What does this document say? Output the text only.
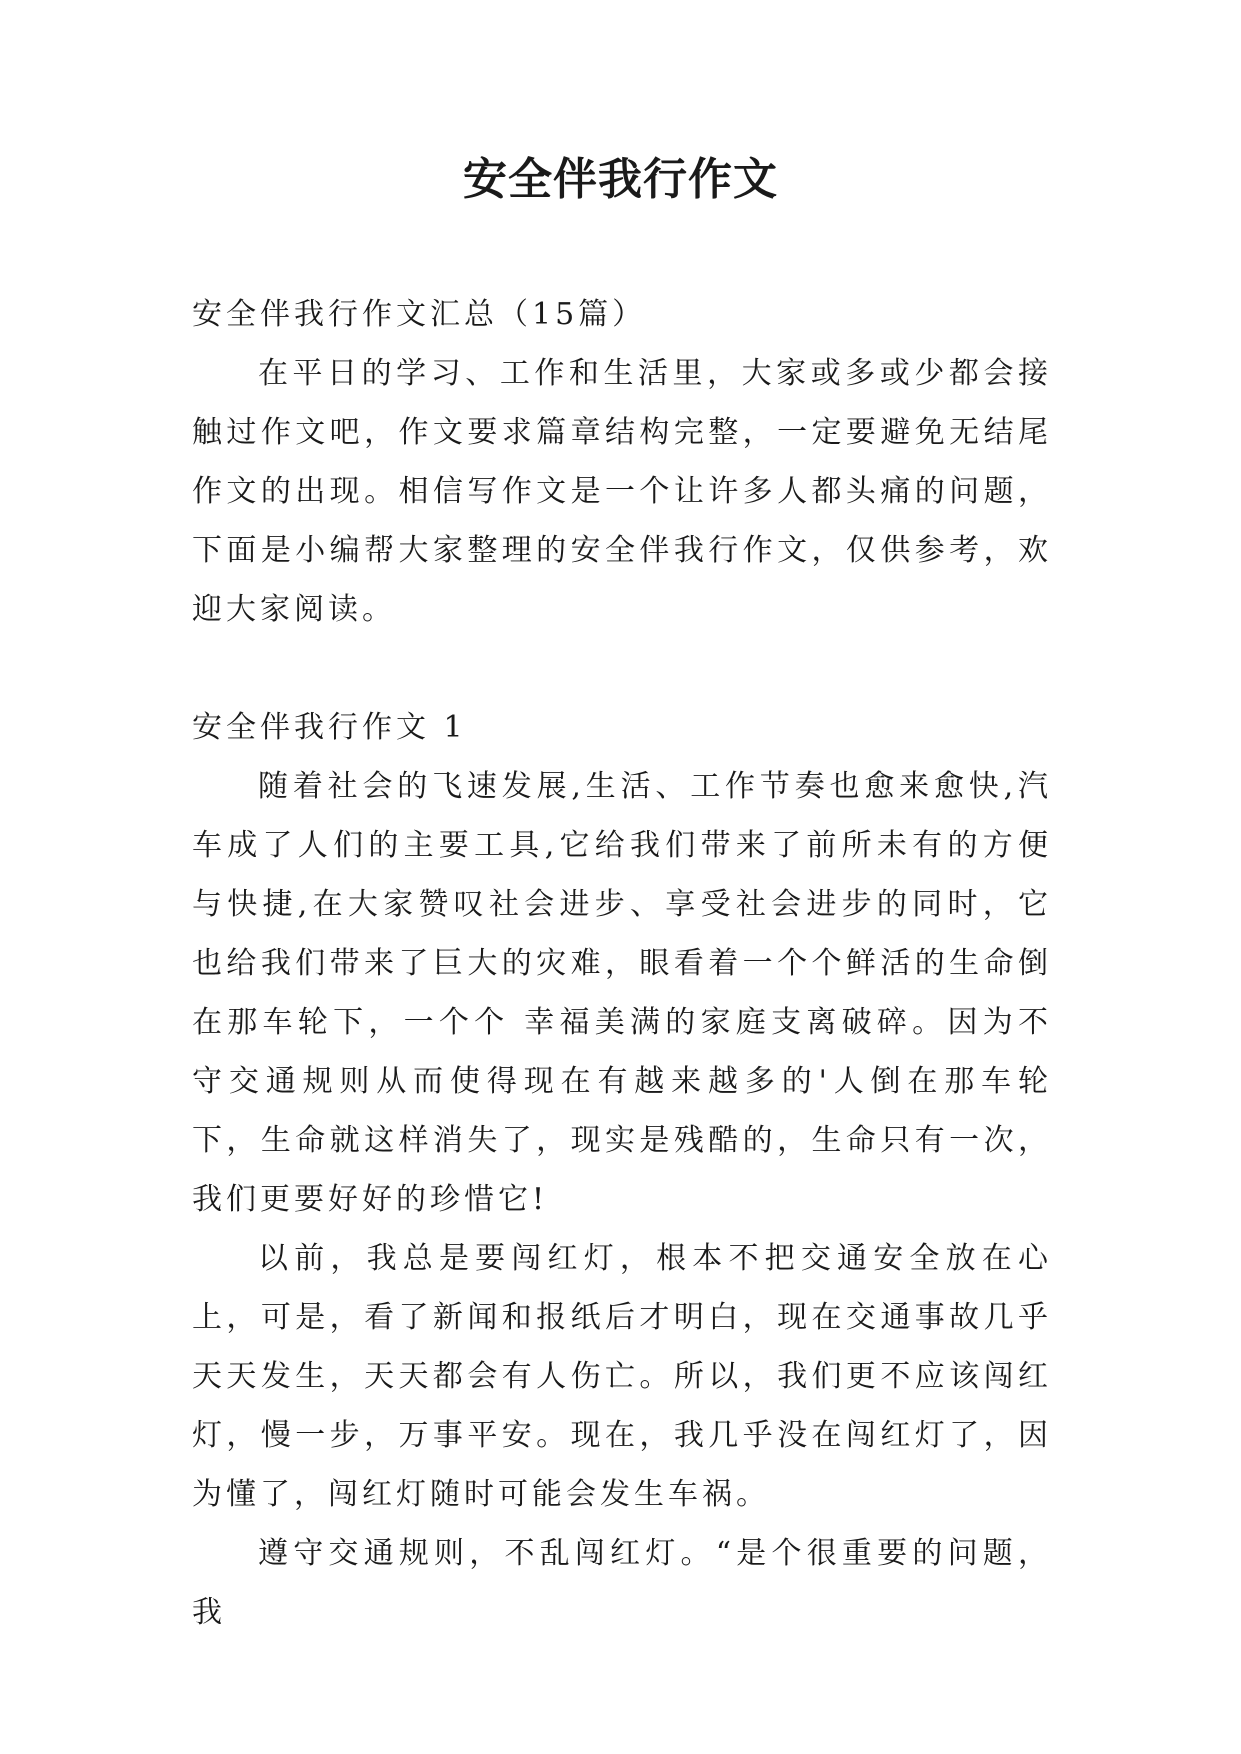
安全伴我行作文

安全伴我行作文汇总（15篇）

在平日的学习、工作和生活里，大家或多或少都会接触过作文吧，作文要求篇章结构完整，一定要避免无结尾作文的出现。相信写作文是一个让许多人都头痛的问题，下面是小编帮大家整理的安全伴我行作文，仅供参考，欢迎大家阅读。

安全伴我行作文 1

随着社会的飞速发展,生活、工作节奏也愈来愈快,汽车成了人们的主要工具,它给我们带来了前所未有的方便与快捷,在大家赞叹社会进步、享受社会进步的同时，它也给我们带来了巨大的灾难，眼看着一个个鲜活的生命倒在那车轮下，一个个 幸福美满的家庭支离破碎。因为不守交通规则从而使得现在有越来越多的'人倒在那车轮下，生命就这样消失了，现实是残酷的，生命只有一次，我们更要好好的珍惜它!

以前，我总是要闯红灯，根本不把交通安全放在心上，可是，看了新闻和报纸后才明白，现在交通事故几乎天天发生，天天都会有人伤亡。所以，我们更不应该闯红灯，慢一步，万事平安。现在，我几乎没在闯红灯了，因为懂了，闯红灯随时可能会发生车祸。

遵守交通规则，不乱闯红灯。“是个很重要的问题，我
